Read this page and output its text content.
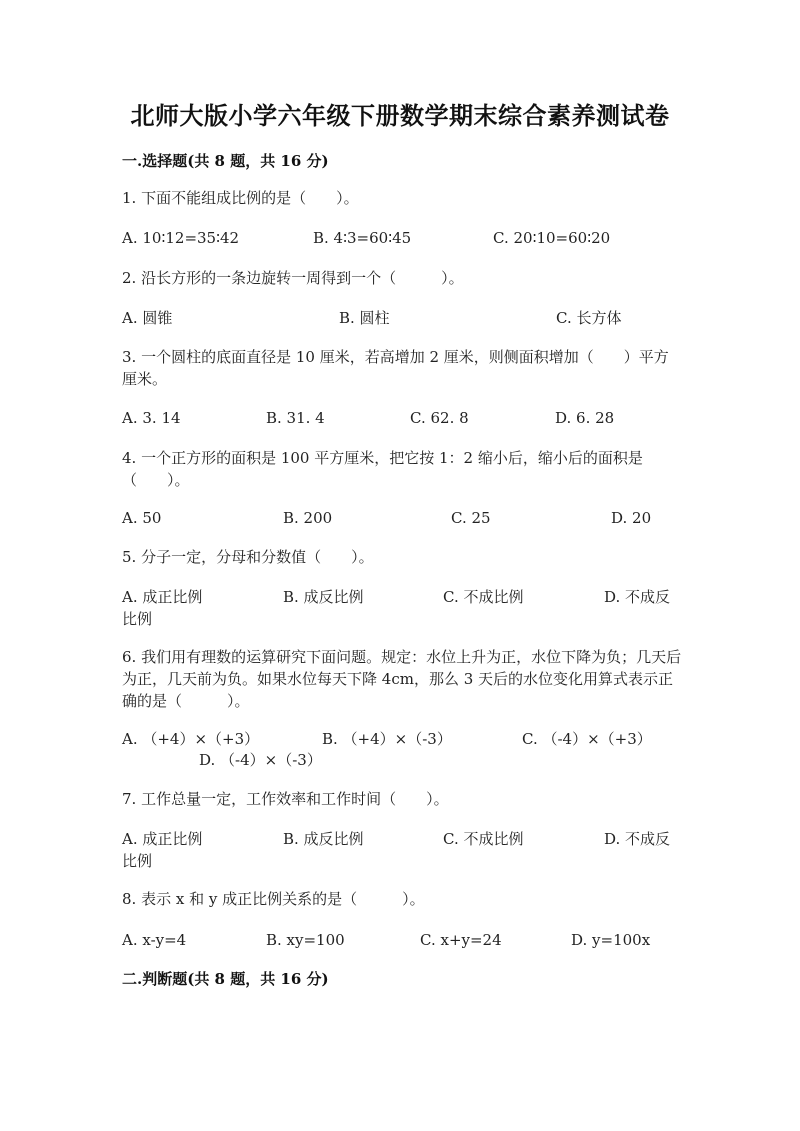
北师大版小学六年级下册数学期末综合素养测试卷
一.选择题(共 8 题，共 16 分)
1. 下面不能组成比例的是（　　）。
A. 10∶12=35∶42	B. 4∶3=60∶45	C. 20∶10=60∶20
2. 沿长方形的一条边旋转一周得到一个（　　　）。
A. 圆锥	B. 圆柱	C. 长方体
3. 一个圆柱的底面直径是 10 厘米，若高增加 2 厘米，则侧面积增加（　　）平方厘米。
A. 3. 14	B. 31. 4	C. 62. 8	D. 6. 28
4. 一个正方形的面积是 100 平方厘米，把它按 1：2 缩小后，缩小后的面积是（　　）。
A. 50	B. 200	C. 25	D. 20
5. 分子一定，分母和分数值（　　）。
A. 成正比例	B. 成反比例	C. 不成比例	D. 不成反比例
6. 我们用有理数的运算研究下面问题。规定：水位上升为正，水位下降为负；几天后为正，几天前为负。如果水位每天下降 4cm，那么 3 天后的水位变化用算式表示正确的是（　　　）。
A. （+4）×（+3）	B. （+4）×（-3）	C. （-4）×（+3）
D. （-4）×（-3）
7. 工作总量一定，工作效率和工作时间（　　）。
A. 成正比例	B. 成反比例	C. 不成比例	D. 不成反比例
8. 表示 x 和 y 成正比例关系的是（　　　）。
A. x-y=4	B. xy=100	C. x+y=24	D. y=100x
二.判断题(共 8 题，共 16 分)
